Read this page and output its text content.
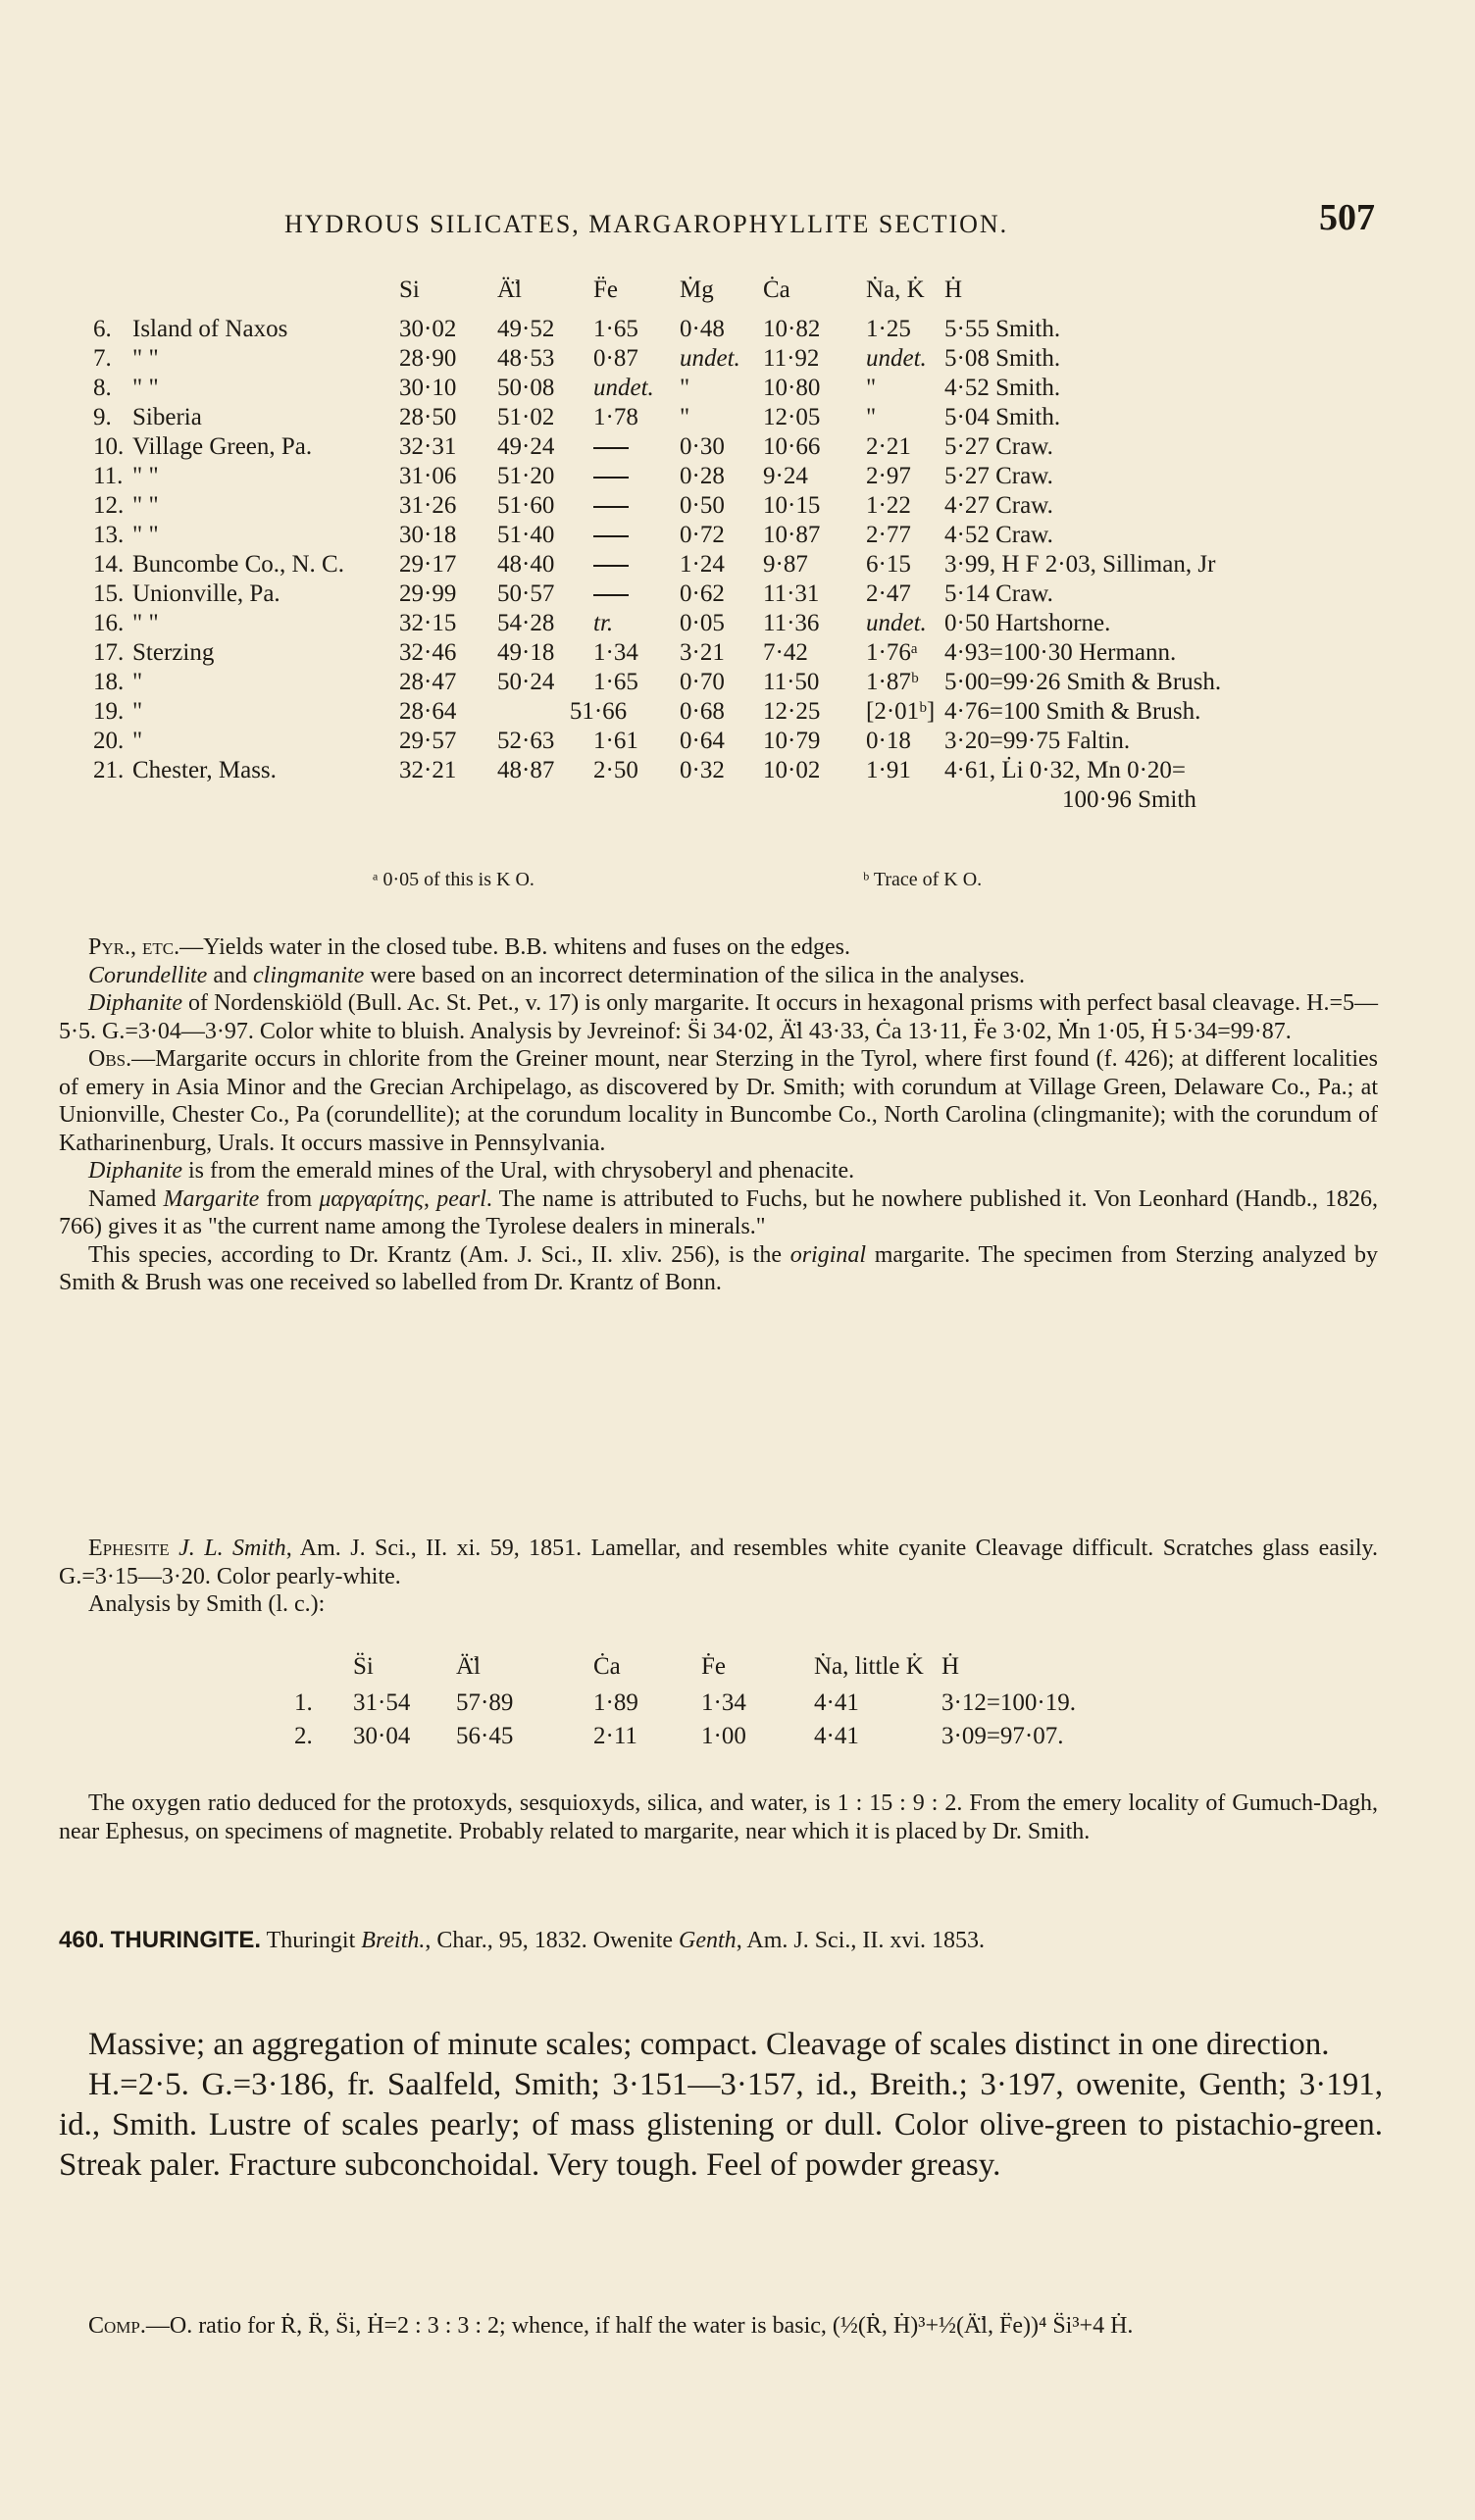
HYDROUS SILICATES, MARGAROPHYLLITE SECTION.	507
		Si	Ä̈l	F̈e	Ṁg	Ċa	Ṅa, K̇	Ḣ
6.	Island of Naxos	30·02	49·52	1·65	0·48	10·82	1·25	5·55 Smith.
7.	" "	28·90	48·53	0·87	undet.	11·92	undet.	5·08 Smith.
8.	" "	30·10	50·08	undet.	"	10·80	"	4·52 Smith.
9.	Siberia	28·50	51·02	1·78	"	12·05	"	5·04 Smith.
10.	Village Green, Pa.	32·31	49·24		0·30	10·66	2·21	5·27 Craw.
11.	" "	31·06	51·20		0·28	9·24	2·97	5·27 Craw.
12.	" "	31·26	51·60		0·50	10·15	1·22	4·27 Craw.
13.	" "	30·18	51·40		0·72	10·87	2·77	4·52 Craw.
14.	Buncombe Co., N. C.	29·17	48·40		1·24	9·87	6·15	3·99, H F 2·03, Silliman, Jr
15.	Unionville, Pa.	29·99	50·57		0·62	11·31	2·47	5·14 Craw.
16.	" "	32·15	54·28	tr.	0·05	11·36	undet.	0·50 Hartshorne.
17.	Sterzing	32·46	49·18	1·34	3·21	7·42	1·76ᵃ	4·93=100·30 Hermann.
18.	"	28·47	50·24	1·65	0·70	11·50	1·87ᵇ	5·00=99·26 Smith & Brush.
19.	"	28·64	51·66		0·68	12·25	[2·01ᵇ]	4·76=100 Smith & Brush.
20.	"	29·57	52·63	1·61	0·64	10·79	0·18	3·20=99·75 Faltin.
21.	Chester, Mass.	32·21	48·87	2·50	0·32	10·02	1·91	4·61, L̇i 0·32, Mn 0·20=
								100·96 Smith
ᵃ 0·05 of this is K O.	ᵇ Trace of K O.

Pyr., etc.—Yields water in the closed tube. B.B. whitens and fuses on the edges.

Corundellite and clingmanite were based on an incorrect determination of the silica in the analyses.

Diphanite of Nordenskiöld (Bull. Ac. St. Pet., v. 17) is only margarite. It occurs in hexagonal prisms with perfect basal cleavage. H.=5—5·5. G.=3·04—3·97. Color white to bluish. Analysis by Jevreinof: S̈i 34·02, Ä̈l 43·33, Ċa 13·11, F̈e 3·02, Ṁn 1·05, Ḣ 5·34=99·87.

Obs.—Margarite occurs in chlorite from the Greiner mount, near Sterzing in the Tyrol, where first found (f. 426); at different localities of emery in Asia Minor and the Grecian Archipelago, as discovered by Dr. Smith; with corundum at Village Green, Delaware Co., Pa.; at Unionville, Chester Co., Pa (corundellite); at the corundum locality in Buncombe Co., North Carolina (clingmanite); with the corundum of Katharinenburg, Urals. It occurs massive in Pennsylvania.

Diphanite is from the emerald mines of the Ural, with chrysoberyl and phenacite.

Named Margarite from μαργαρίτης, pearl. The name is attributed to Fuchs, but he nowhere published it. Von Leonhard (Handb., 1826, 766) gives it as "the current name among the Tyrolese dealers in minerals."

This species, according to Dr. Krantz (Am. J. Sci., II. xliv. 256), is the original margarite. The specimen from Sterzing analyzed by Smith & Brush was one received so labelled from Dr. Krantz of Bonn.

Ephesite J. L. Smith, Am. J. Sci., II. xi. 59, 1851. Lamellar, and resembles white cyanite Cleavage difficult. Scratches glass easily. G.=3·15—3·20. Color pearly-white.

Analysis by Smith (l. c.):

	S̈i	Ä̈l	Ċa	Ḟe	Ṅa, little K̇	Ḣ
1.	31·54	57·89	1·89	1·34	4·41	3·12=100·19.
2.	30·04	56·45	2·11	1·00	4·41	3·09=97·07.

The oxygen ratio deduced for the protoxyds, sesquioxyds, silica, and water, is 1 : 15 : 9 : 2. From the emery locality of Gumuch-Dagh, near Ephesus, on specimens of magnetite. Probably related to margarite, near which it is placed by Dr. Smith.

460. THURINGITE. Thuringit Breith., Char., 95, 1832. Owenite Genth, Am. J. Sci., II. xvi. 1853.

Massive; an aggregation of minute scales; compact. Cleavage of scales distinct in one direction.

H.=2·5. G.=3·186, fr. Saalfeld, Smith; 3·151—3·157, id., Breith.; 3·197, owenite, Genth; 3·191, id., Smith. Lustre of scales pearly; of mass glistening or dull. Color olive-green to pistachio-green. Streak paler. Fracture subconchoidal. Very tough. Feel of powder greasy.

Comp.—O. ratio for Ṙ, R̈, S̈i, Ḣ=2 : 3 : 3 : 2; whence, if half the water is basic, (½(Ṙ, Ḣ)³+½(Ä̈l, F̈e))⁴ S̈i³+4 Ḣ.
